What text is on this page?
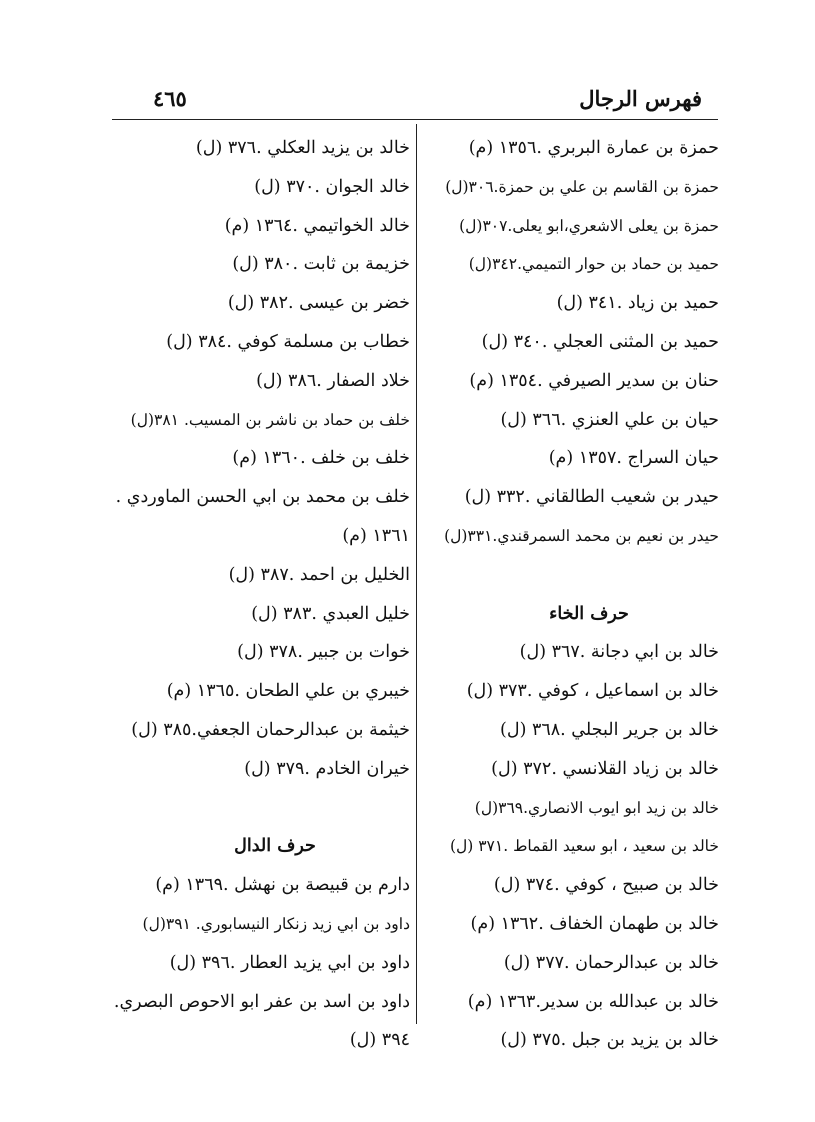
فهرس الرجال
٤٦٥
حمزة بن عمارة البربري .١٣٥٦ (م)
حمزة بن القاسم بن علي بن حمزة.٣٠٦(ل)
حمزة بن يعلى الاشعري،ابو يعلى.٣٠٧(ل)
حميد بن حماد بن حوار التميمي.٣٤٢(ل)
حميد بن زياد .٣٤١ (ل)
حميد بن المثنى العجلي .٣٤٠ (ل)
حنان بن سدير الصيرفي .١٣٥٤ (م)
حيان بن علي العنزي .٣٦٦ (ل)
حيان السراج .١٣٥٧ (م)
حيدر بن شعيب الطالقاني .٣٣٢ (ل)
حيدر بن نعيم بن محمد السمرقندي.٣٣١(ل)
حرف الخاء
خالد بن ابي دجانة .٣٦٧ (ل)
خالد بن اسماعيل ، كوفي .٣٧٣ (ل)
خالد بن جرير البجلي .٣٦٨ (ل)
خالد بن زياد القلانسي .٣٧٢ (ل)
خالد بن زيد ابو ايوب الانصاري.٣٦٩(ل)
خالد بن سعيد ، ابو سعيد القماط .٣٧١ (ل)
خالد بن صبيح ، كوفي .٣٧٤ (ل)
خالد بن طهمان الخفاف .١٣٦٢ (م)
خالد بن عبدالرحمان .٣٧٧ (ل)
خالد بن عبدالله بن سدير.١٣٦٣ (م)
خالد بن يزيد بن جبل .٣٧٥ (ل)
خالد بن يزيد العكلي .٣٧٦ (ل)
خالد الجوان .٣٧٠ (ل)
خالد الخواتيمي .١٣٦٤ (م)
خزيمة بن ثابت .٣٨٠ (ل)
خضر بن عيسى .٣٨٢ (ل)
خطاب بن مسلمة كوفي .٣٨٤ (ل)
خلاد الصفار .٣٨٦ (ل)
خلف بن حماد بن ناشر بن المسيب. ٣٨١(ل)
خلف بن خلف .١٣٦٠ (م)
خلف بن محمد بن ابي الحسن الماوردي .
١٣٦١ (م)
الخليل بن احمد .٣٨٧ (ل)
خليل العبدي .٣٨٣ (ل)
خوات بن جبير .٣٧٨ (ل)
خيبري بن علي الطحان .١٣٦٥ (م)
خيثمة بن عبدالرحمان الجعفي.٣٨٥ (ل)
خيران الخادم .٣٧٩ (ل)
حرف الدال
دارم بن قبيصة بن نهشل .١٣٦٩ (م)
داود بن ابي زيد زنكار النيسابوري. ٣٩١(ل)
داود بن ابي يزيد العطار .٣٩٦ (ل)
داود بن اسد بن عفر ابو الاحوص البصري.
٣٩٤ (ل)
